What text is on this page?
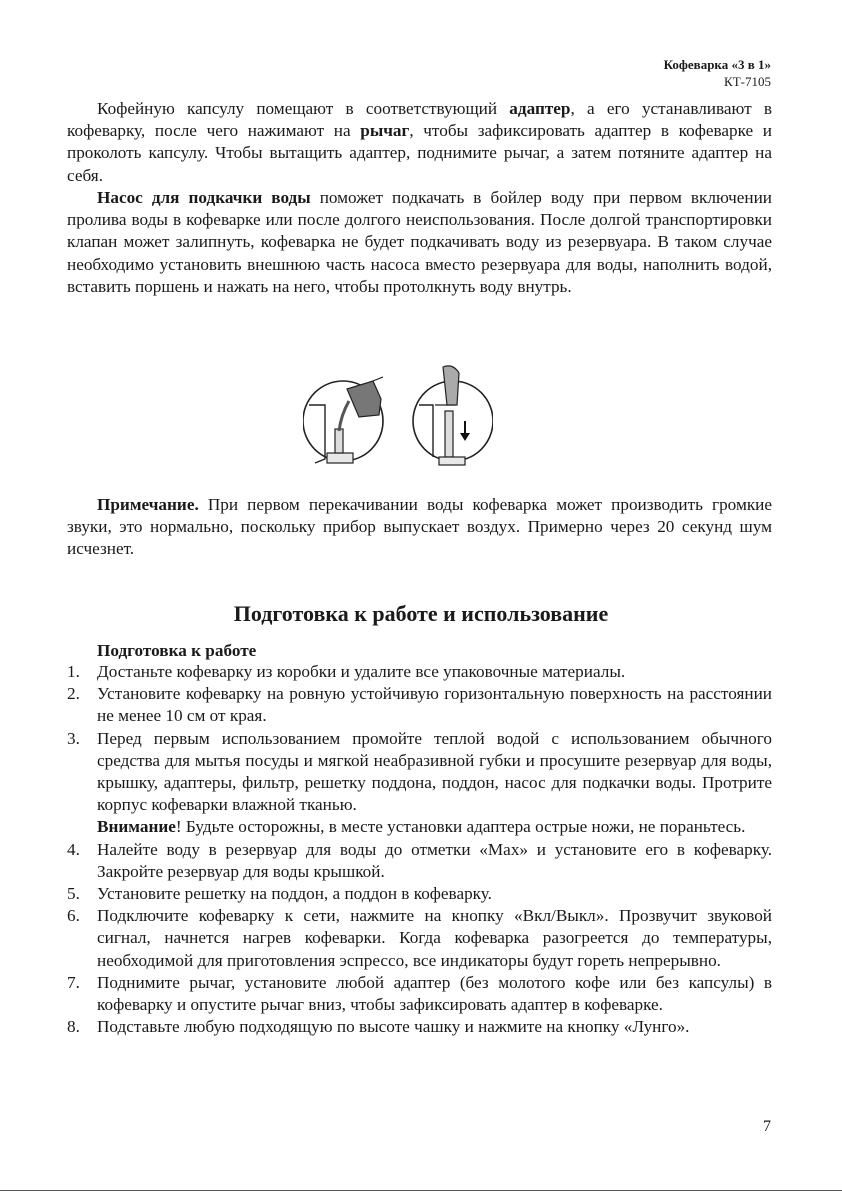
Кофеварка «3 в 1»
КТ-7105

Кофейную капсулу помещают в соответствующий адаптер, а его устанавливают в кофеварку, после чего нажимают на рычаг, чтобы зафиксировать адаптер в кофеварке и проколоть капсулу. Чтобы вытащить адаптер, поднимите рычаг, а затем потяните адаптер на себя.

Насос для подкачки воды поможет подкачать в бойлер воду при первом включении пролива воды в кофеварке или после долгого неиспользования. После долгой транспортировки клапан может залипнуть, кофеварка не будет подкачивать воду из резервуара. В таком случае необходимо установить внешнюю часть насоса вместо резервуара для воды, наполнить водой, вставить поршень и нажать на него, чтобы протолкнуть воду внутрь.

Примечание. При первом перекачивании воды кофеварка может производить громкие звуки, это нормально, поскольку прибор выпускает воздух. Примерно через 20 секунд шум исчезнет.

Подготовка к работе и использование
Подготовка к работе
1. Достаньте кофеварку из коробки и удалите все упаковочные материалы.
2. Установите кофеварку на ровную устойчивую горизонтальную поверхность на расстоянии не менее 10 см от края.
3. Перед первым использованием промойте теплой водой с использованием обычного средства для мытья посуды и мягкой неабразивной губки и просушите резервуар для воды, крышку, адаптеры, фильтр, решетку поддона, поддон, насос для подкачки воды. Протрите корпус кофеварки влажной тканью.
Внимание! Будьте осторожны, в месте установки адаптера острые ножи, не пораньтесь.
4. Налейте воду в резервуар для воды до отметки «Max» и установите его в кофеварку. Закройте резервуар для воды крышкой.
5. Установите решетку на поддон, а поддон в кофеварку.
6. Подключите кофеварку к сети, нажмите на кнопку «Вкл/Выкл». Прозвучит звуковой сигнал, начнется нагрев кофеварки. Когда кофеварка разогреется до температуры, необходимой для приготовления эспрессо, все индикаторы будут гореть непрерывно.
7. Поднимите рычаг, установите любой адаптер (без молотого кофе или без капсулы) в кофеварку и опустите рычаг вниз, чтобы зафиксировать адаптер в кофеварке.
8. Подставьте любую подходящую по высоте чашку и нажмите на кнопку «Лунго».
7
